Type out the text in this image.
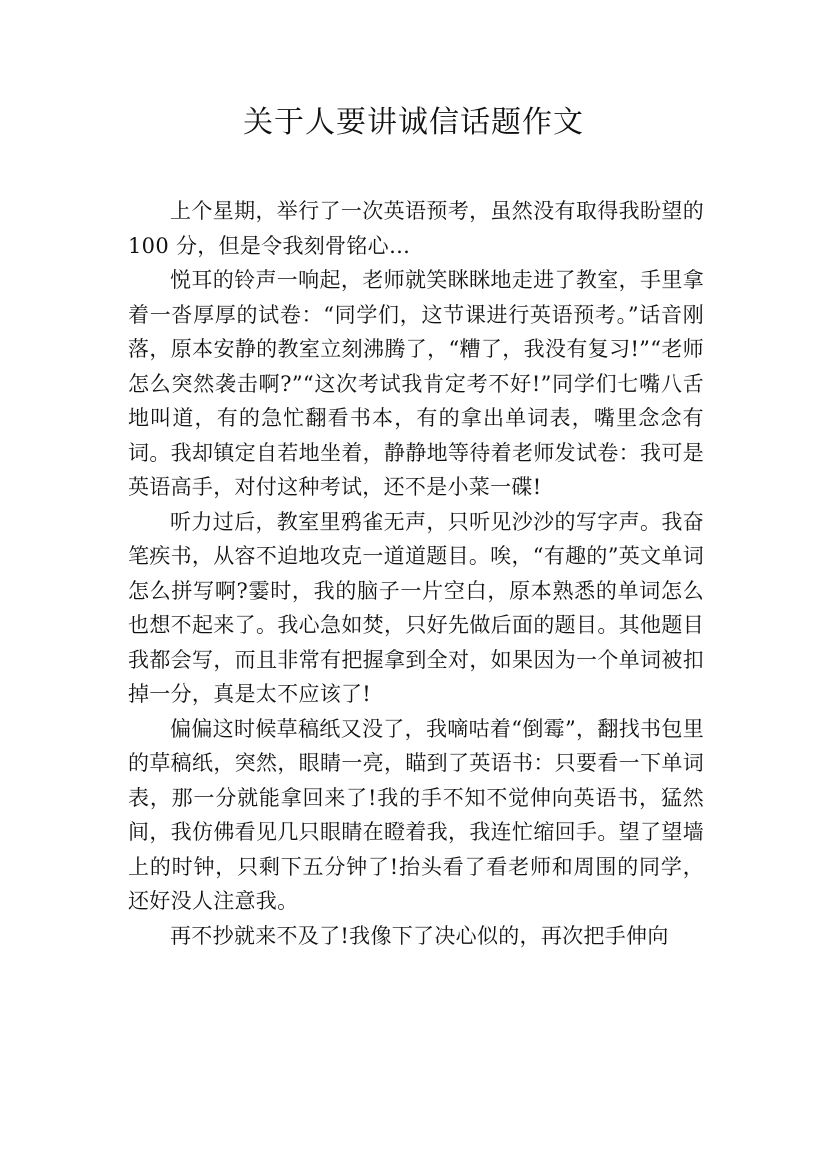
关于人要讲诚信话题作文

上个星期，举行了一次英语预考，虽然没有取得我盼望的 100 分，但是令我刻骨铭心…

悦耳的铃声一响起，老师就笑眯眯地走进了教室，手里拿着一沓厚厚的试卷：“同学们，这节课进行英语预考。”话音刚落，原本安静的教室立刻沸腾了，“糟了，我没有复习!”“老师怎么突然袭击啊?”“这次考试我肯定考不好!”同学们七嘴八舌地叫道，有的急忙翻看书本，有的拿出单词表，嘴里念念有词。我却镇定自若地坐着，静静地等待着老师发试卷：我可是英语高手，对付这种考试，还不是小菜一碟!

听力过后，教室里鸦雀无声，只听见沙沙的写字声。我奋笔疾书，从容不迫地攻克一道道题目。唉，“有趣的”英文单词怎么拼写啊?霎时，我的脑子一片空白，原本熟悉的单词怎么也想不起来了。我心急如焚，只好先做后面的题目。其他题目我都会写，而且非常有把握拿到全对，如果因为一个单词被扣掉一分，真是太不应该了!

偏偏这时候草稿纸又没了，我嘀咕着“倒霉”，翻找书包里的草稿纸，突然，眼睛一亮，瞄到了英语书：只要看一下单词表，那一分就能拿回来了!我的手不知不觉伸向英语书，猛然间，我仿佛看见几只眼睛在瞪着我，我连忙缩回手。望了望墙上的时钟，只剩下五分钟了!抬头看了看老师和周围的同学，还好没人注意我。

再不抄就来不及了!我像下了决心似的，再次把手伸向
